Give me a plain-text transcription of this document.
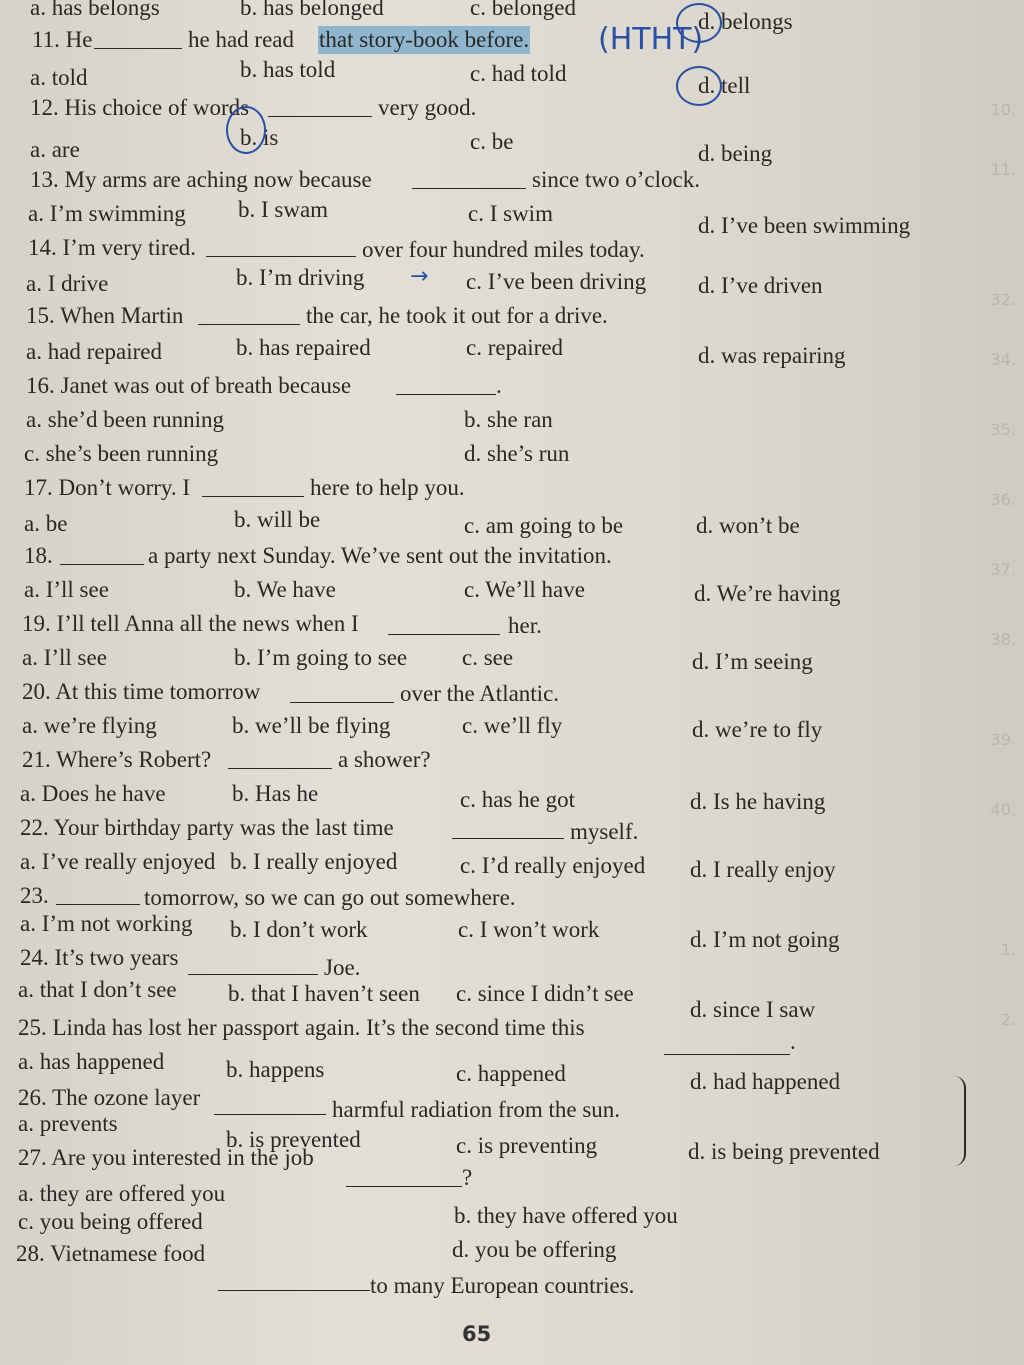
10.
11.
32.
34.
35.
36.
37.
38.
39.
40.
1.
2.
a. has belongs	b. has belonged	c. belonged
d. belongs
11. He	he had read that story-book before. (HTHT)
a. told	b. has told	c. had told	d. tell
12. His choice of words	very good.
a. are	b. is	c. be	d. being
13. My arms are aching now because	since two o’clock.
a. I’m swimming b. I swam	c. I swim	d. I’ve been swimming
14. I’m very tired.	over four hundred miles today.
a. I drive	b. I’m driving → c. I’ve been driving d. I’ve driven
15. When Martin	the car, he took it out for a drive.
a. had repaired	b. has repaired	c. repaired	d. was repairing
16. Janet was out of breath because	.
a. she’d been running	b. she ran
c. she’s been running	d. she’s run
17. Don’t worry. I	here to help you.
a. be	b. will be	c. am going to be	d. won’t be
18.	a party next Sunday. We’ve sent out the invitation.
a. I’ll see	b. We have	c. We’ll have	d. We’re having
19. I’ll tell Anna all the news when I	her.
a. I’ll see	b. I’m going to see c. see	d. I’m seeing
20. At this time tomorrow	over the Atlantic.
a. we’re flying	b. we’ll be flying	c. we’ll fly	d. we’re to fly
21. Where’s Robert?	a shower?
a. Does he have	b. Has he	c. has he got	d. Is he having
22. Your birthday party was the last time	myself.
a. I’ve really enjoyed b. I really enjoyed	c. I’d really enjoyed d. I really enjoy
23.	tomorrow, so we can go out somewhere.
a. I’m not working b. I don’t work	c. I won’t work	d. I’m not going
24. It’s two years	Joe.
a. that I don’t see b. that I haven’t seen c. since I didn’t see
d. since I saw
25. Linda has lost her passport again. It’s the second time this
.
a. has happened	b. happens	c. happened	d. had happened
26. The ozone layer	harmful radiation from the sun.
a. prevents
b. is prevented	c. is preventing	d. is being prevented
27. Are you interested in the job
?
a. they are offered you
b. they have offered you
c. you being offered
d. you be offering
28. Vietnamese food
to many European countries.
65
